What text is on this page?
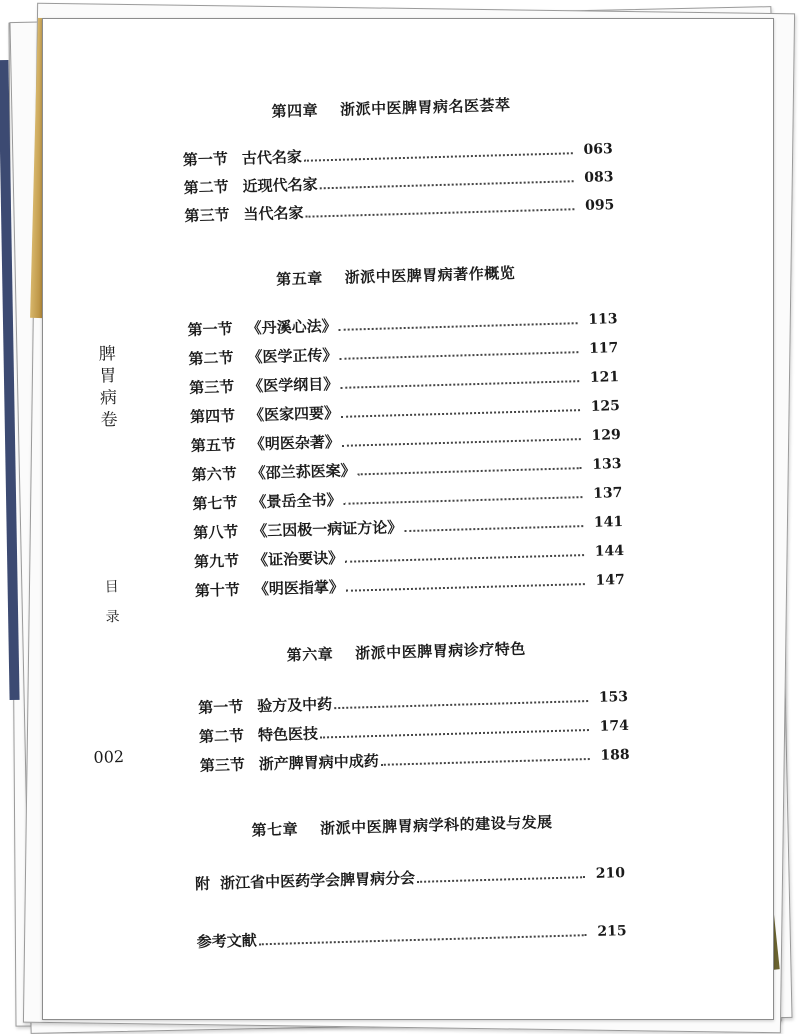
脾
胃
病
卷
目
录
002
第四章 浙派中医脾胃病名医荟萃
第一节 古代名家	063
第二节 近现代名家	083
第三节 当代名家	095
第五章 浙派中医脾胃病著作概览
第一节 《丹溪心法》	113
第二节 《医学正传》	117
第三节 《医学纲目》	121
第四节 《医家四要》	125
第五节 《明医杂著》	129
第六节 《邵兰荪医案》	133
第七节 《景岳全书》	137
第八节 《三因极一病证方论》	141
第九节 《证治要诀》	144
第十节 《明医指掌》	147
第六章 浙派中医脾胃病诊疗特色
第一节 验方及中药	153
第二节 特色医技	174
第三节 浙产脾胃病中成药	188
第七章 浙派中医脾胃病学科的建设与发展
附 浙江省中医药学会脾胃病分会	210
参考文献	215
